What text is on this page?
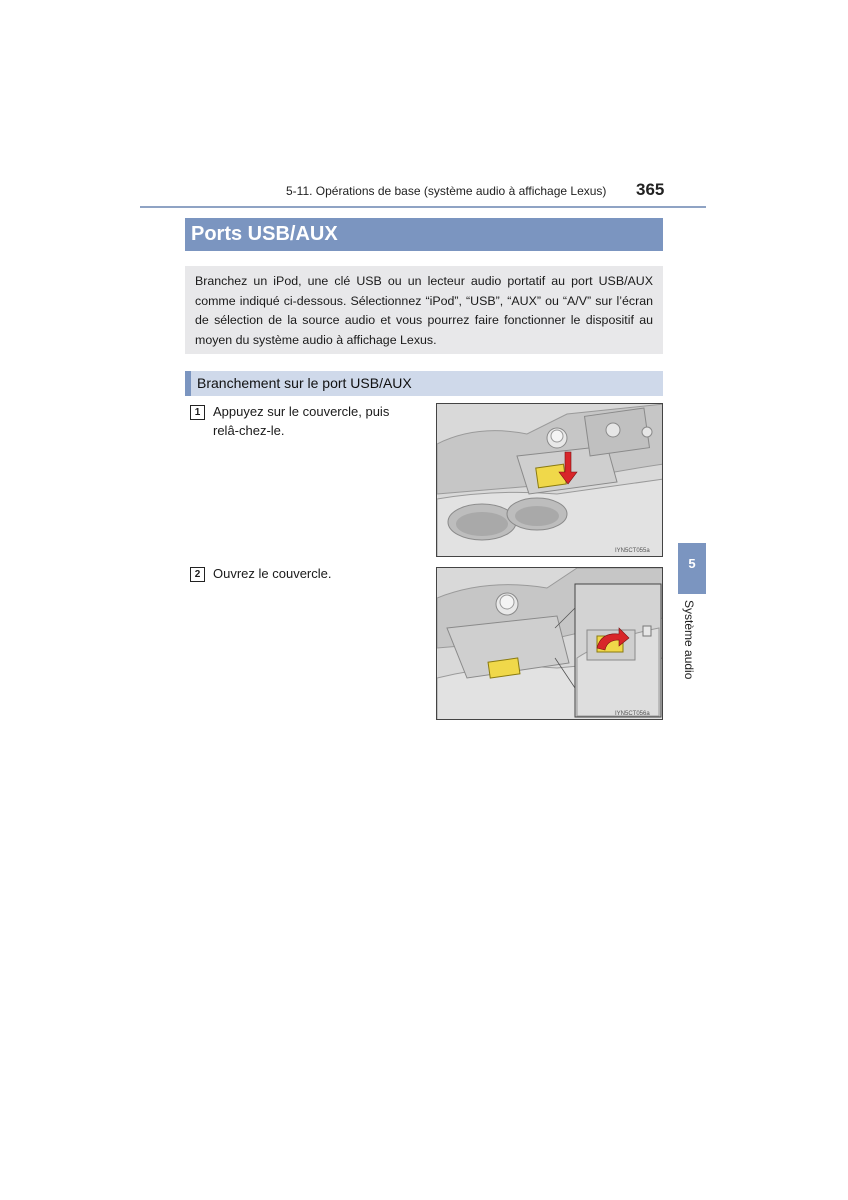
5-11. Opérations de base (système audio à affichage Lexus) 365
Ports USB/AUX
Branchez un iPod, une clé USB ou un lecteur audio portatif au port USB/AUX comme indiqué ci-dessous. Sélectionnez “iPod”, “USB”, “AUX” ou “A/V” sur l’écran de sélection de la source audio et vous pourrez faire fonctionner le dispositif au moyen du système audio à affichage Lexus.
Branchement sur le port USB/AUX
1 Appuyez sur le couvercle, puis relâ-chez-le.
IYN5CT055a
2 Ouvrez le couvercle.
IYN5CT056a
5
Système audio
